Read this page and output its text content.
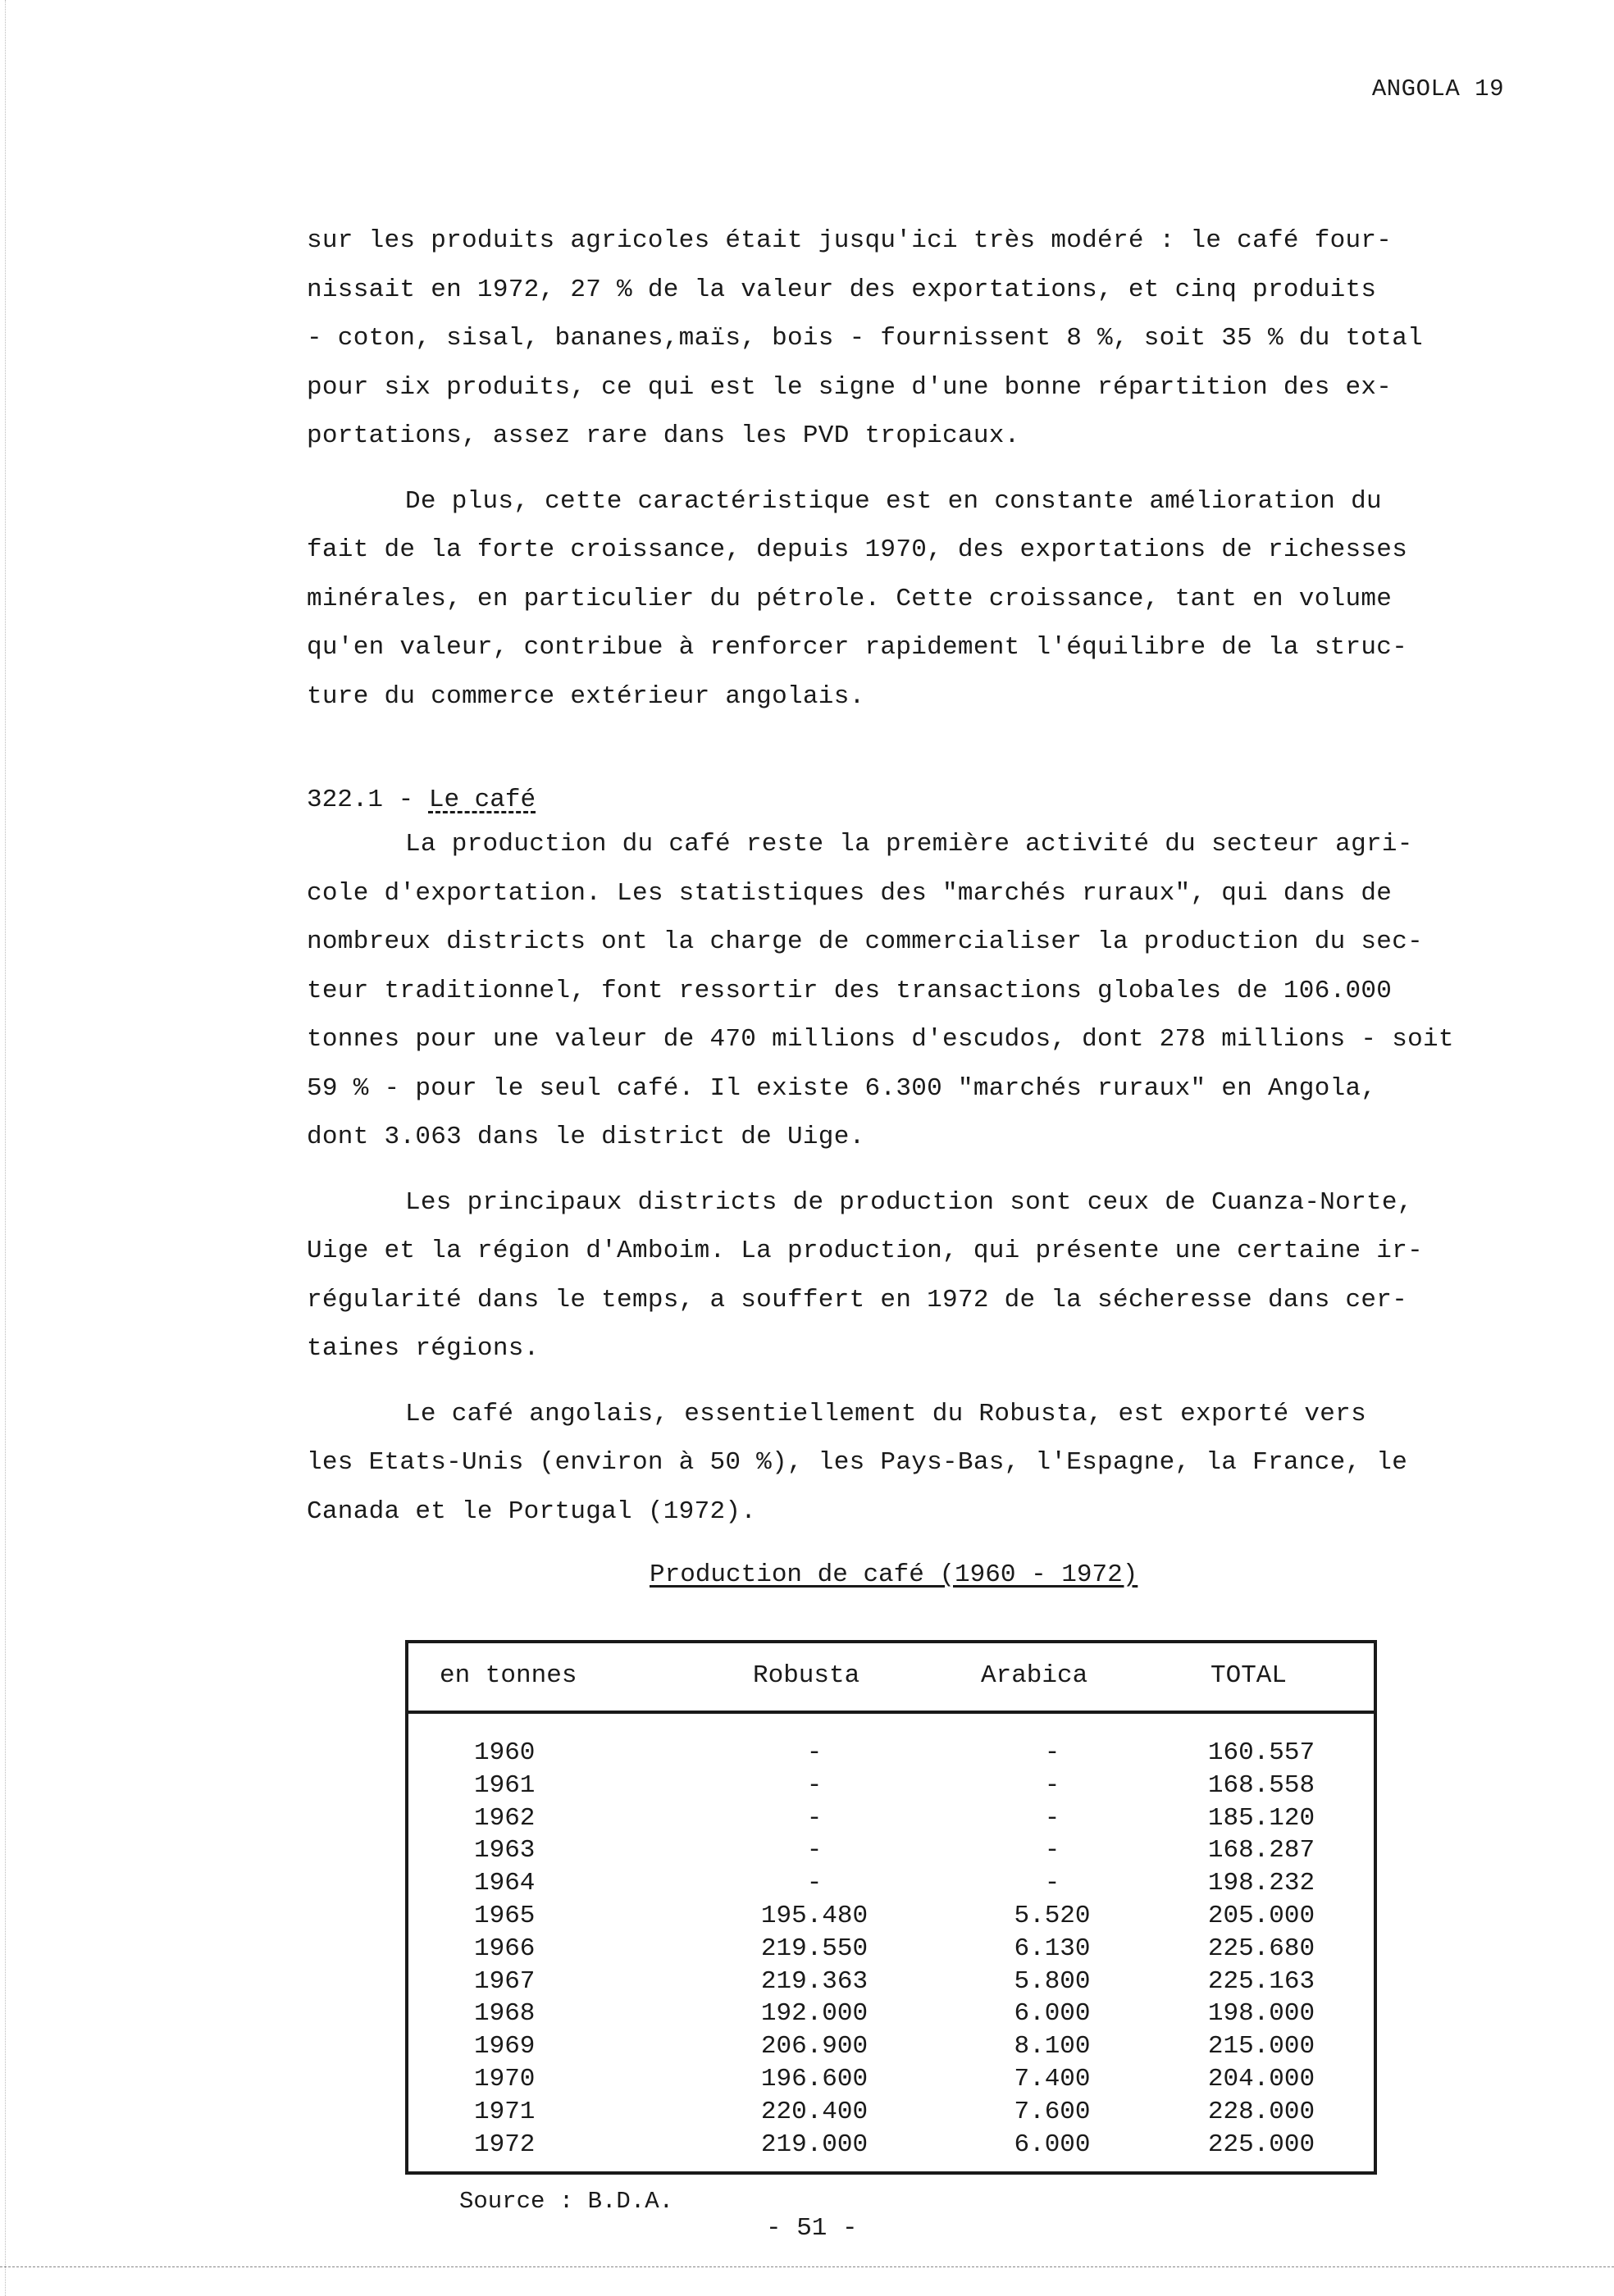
ANGOLA 19

sur les produits agricoles était jusqu'ici très modéré : le café four-
nissait en 1972, 27 % de la valeur des exportations, et cinq produits
- coton, sisal, bananes,maïs, bois - fournissent 8 %, soit 35 % du total
pour six produits, ce qui est le signe d'une bonne répartition des ex-
portations, assez rare dans les PVD tropicaux.

De plus, cette caractéristique est en constante amélioration du
fait de la forte croissance, depuis 1970, des exportations de richesses
minérales, en particulier du pétrole. Cette croissance, tant en volume
qu'en valeur, contribue à renforcer rapidement l'équilibre de la struc-
ture du commerce extérieur angolais.

322.1 - Le café

La production du café reste la première activité du secteur agri-
cole d'exportation. Les statistiques des "marchés ruraux", qui dans de
nombreux districts ont la charge de commercialiser la production du sec-
teur traditionnel, font ressortir des transactions globales de 106.000
tonnes pour une valeur de 470 millions d'escudos, dont 278 millions - soit
59 % - pour le seul café. Il existe 6.300 "marchés ruraux" en Angola,
dont 3.063 dans le district de Uige.

Les principaux districts de production sont ceux de Cuanza-Norte,
Uige et la région d'Amboim. La production, qui présente une certaine ir-
régularité dans le temps, a souffert en 1972 de la sécheresse dans cer-
taines régions.

Le café angolais, essentiellement du Robusta, est exporté vers
les Etats-Unis (environ à 50 %), les Pays-Bas, l'Espagne, la France, le
Canada et le Portugal (1972).

Production de café (1960 - 1972)
en tonnes	Robusta	Arabica	TOTAL
1960	-	-	160.557
1961	-	-	168.558
1962	-	-	185.120
1963	-	-	168.287
1964	-	-	198.232
1965	195.480	5.520	205.000
1966	219.550	6.130	225.680
1967	219.363	5.800	225.163
1968	192.000	6.000	198.000
1969	206.900	8.100	215.000
1970	196.600	7.400	204.000
1971	220.400	7.600	228.000
1972	219.000	6.000	225.000
Source : B.D.A.
- 51 -
